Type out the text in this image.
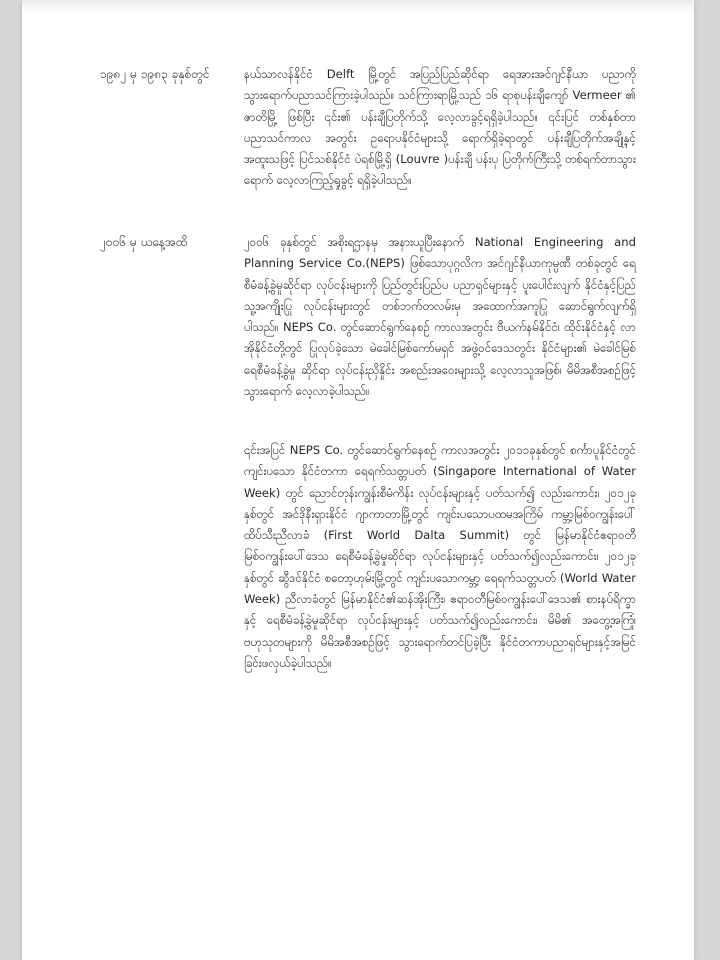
၁၉၈၂ မှ ၁၉၈၃ ခုနှစ်တွင်	နယ်သာလန်နိုင်ငံ Delft မြို့တွင် အပြည်ပြည်ဆိုင်ရာ ရေအားအင်ဂျင်နီယာ ပညာကို သွားရောက်ပညာသင်ကြားခဲ့ပါသည်။ သင်ကြားရာမြို့သည် ၁၆ ရာစုပန်းချီကျော် Vermeer ၏ ဇာတိမြို့ ဖြစ်ပြီး ၎င်း၏ ပန်းချီပြတိုက်သို့ လေ့လာခွင့်ရရှိခဲ့ပါသည်။ ၎င်းပြင် တစ်နှစ်တာ ပညာသင်ကာလ အတွင်း ဥရောပနိုင်ငံများသို့ ရောက်ရှိခဲ့ရာတွင် ပန်းချီပြတိုက်အချို့နှင့် အထူးသဖြင့် ပြင်သစ်နိုင်ငံ ပဲရစ်မြို့ရှိ (Louvre )ပန်းချီ ပန်းပု ပြတိုက်ကြီးသို့ တစ်ရက်တာသွားရောက် လေ့လာကြည့်ရှုခွင့် ရရှိခဲ့ပါသည်။

၂၀၀၆ မှ ယနေ့အထိ	၂၀၀၆ ခုနှစ်တွင် အစိုးရဌာနမှ အနားယူပြီးနောက် National Engineering and Planning Service Co.(NEPS) ဖြစ်သောပုဂ္ဂလိက အင်ဂျင်နီယာကုမ္ပဏီ တစ်ခုတွင် ရေစီမံခန့်ခွဲမှုဆိုင်ရာ လုပ်ငန်းများကို ပြည်တွင်းပြည်ပ ပညာရှင်များနှင့် ပူးပေါင်းလျက် နိုင်ငံနှင့်ပြည်သူ့အကျိုးပြု လုပ်ငန်းများတွင် တစ်ဘက်တလမ်းမှ အထောက်အကူပြု ဆောင်ရွက်လျက်ရှိပါသည်။ NEPS Co. တွင်ဆောင်ရွက်နေစဉ် ကာလအတွင်း ဗီယက်နမ်နိုင်ငံ၊ ထိုင်းနိုင်ငံနှင့် လာအိုနိုင်ငံတို့တွင် ပြုလုပ်ခဲ့သော မဲခေါင်မြစ်ကော်မရှင် အဖွဲ့ဝင်ဒေသတွင်း နိုင်ငံများ၏ မဲခေါင်မြစ် ရေစီမံခန့်ခွဲမှု ဆိုင်ရာ လုပ်ငန်းညှိနှိုင်း အစည်းအဝေးများသို့ လေ့လာသူအဖြစ်၊ မိမိအစီအစဉ်ဖြင့် သွားရောက် လေ့လာခဲ့ပါသည်။

၎င်းအပြင် NEPS Co. တွင်ဆောင်ရွက်နေစဉ် ကာလအတွင်း ၂၀၁၁ခုနှစ်တွင် စင်္ကာပူနိုင်ငံတွင် ကျင်းပသော နိုင်ငံတကာ ရေရက်သတ္တပတ် (Singapore International of Water Week) တွင် ညောင်တုန်းကျွန်းစီမံကိန်း လုပ်ငန်းများနှင့် ပတ်သက်၍ လည်းကောင်း၊ ၂၀၁၂ခုနှစ်တွင် အင်ဒိုနီးရှားနိုင်ငံ ဂျာကာတာမြို့တွင် ကျင်းပသောပထမအကြိမ် ကမ္ဘာ့မြစ်ဝကျွန်းပေါ် ထိပ်သီးညီလာခံ (First World Dalta Summit) တွင် မြန်မာနိုင်ငံဧရာဝတီ မြစ်ဝကျွန်းပေါ်ဒေသ ရေစီမံခန့်ခွဲမှုဆိုင်ရာ လုပ်ငန်းများနှင့် ပတ်သက်၍လည်းကောင်း၊ ၂၀၁၂ခုနှစ်တွင် ဆွီဒင်နိုင်ငံ စတော့ဟုမ်းမြို့တွင် ကျင်းပသောကမ္ဘာ့ ရေရက်သတ္တပတ် (World Water Week) ညီလာခံတွင် မြန်မာနိုင်ငံ၏ဆန်အိုးကြီး၊ ဧရာဝတီမြစ်ဝကျွန်းပေါ်ဒေသ၏ စားနပ်ရိက္ခာနှင့် ရေစီမံခန့်ခွဲမှုဆိုင်ရာ လုပ်ငန်းများနှင့် ပတ်သက်၍လည်းကောင်း၊ မိမိ၏ အတွေ့အကြုံ၊ ဗဟုသုတများကို မိမိအစီအစဉ်ဖြင့် သွားရောက်တင်ပြခဲ့ပြီး နိုင်ငံတကာပညာရှင်များနှင့်အမြင်ခြင်းဖလှယ်ခဲ့ပါသည်။
